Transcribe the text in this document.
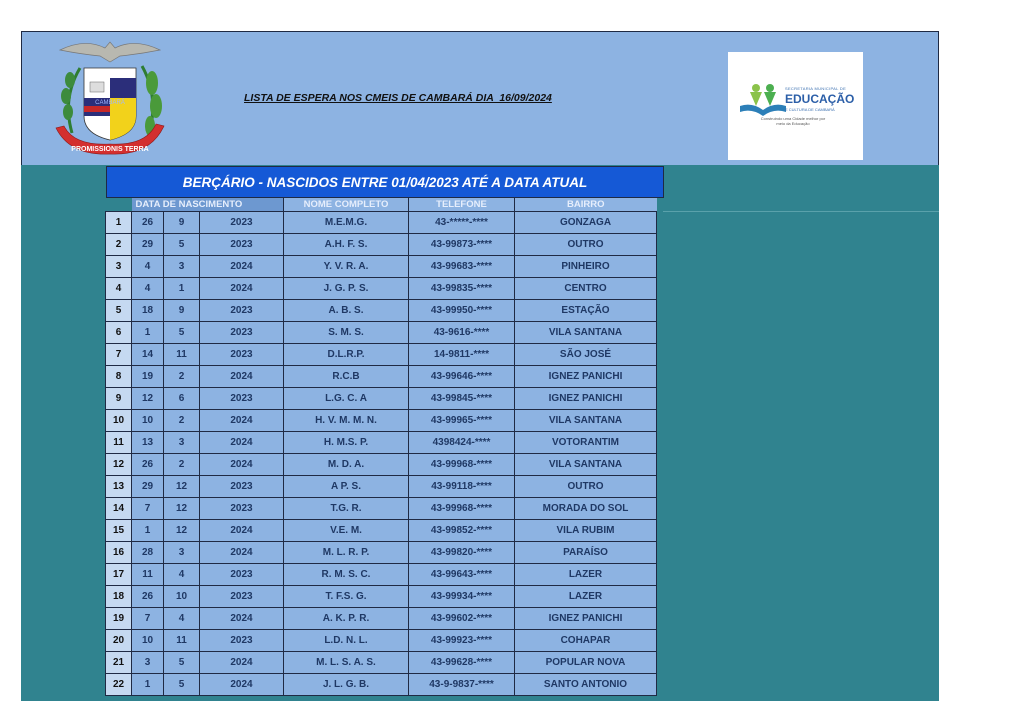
PROMISSIONIS TERRA
CAMBARÁ	LISTA DE ESPERA NOS CMEIS DE CAMBARÁ DIA  16/09/2024
SECRETARIA MUNICIPAL DE
EDUCAÇÃO
E CULTURA DE CAMBARÁ
Construindo uma Cidade melhor por meio da Educação
BERÇÁRIO - NASCIDOS ENTRE 01/04/2023 ATÉ A DATA ATUAL
	DATA DE NASCIMENTO			NOME COMPLETO	TELEFONE	BAIRRO
1	26	9	2023	M.E.M.G.	43-*****-****	GONZAGA
2	29	5	2023	A.H. F. S.	43-99873-****	OUTRO
3	4	3	2024	Y. V. R. A.	43-99683-****	PINHEIRO
4	4	1	2024	J. G. P. S.	43-99835-****	CENTRO
5	18	9	2023	A. B. S.	43-99950-****	ESTAÇÃO
6	1	5	2023	S. M. S.	43-9616-****	VILA SANTANA
7	14	11	2023	D.L.R.P.	14-9811-****	SÃO JOSÉ
8	19	2	2024	R.C.B	43-99646-****	IGNEZ PANICHI
9	12	6	2023	L.G. C. A	43-99845-****	IGNEZ PANICHI
10	10	2	2024	H. V. M. M. N.	43-99965-****	VILA SANTANA
11	13	3	2024	H. M.S. P.	4398424-****	VOTORANTIM
12	26	2	2024	M. D. A.	43-99968-****	VILA SANTANA
13	29	12	2023	A P. S.	43-99118-****	OUTRO
14	7	12	2023	T.G. R.	43-99968-****	MORADA DO SOL
15	1	12	2024	V.E. M.	43-99852-****	VILA RUBIM
16	28	3	2024	M. L. R. P.	43-99820-****	PARAÍSO
17	11	4	2023	R. M. S. C.	43-99643-****	LAZER
18	26	10	2023	T. F.S. G.	43-99934-****	LAZER
19	7	4	2024	A. K. P. R.	43-99602-****	IGNEZ PANICHI
20	10	11	2023	L.D. N. L.	43-99923-****	COHAPAR
21	3	5	2024	M. L. S. A. S.	43-99628-****	POPULAR NOVA
22	1	5	2024	J. L. G. B.	43-9-9837-****	SANTO ANTONIO
